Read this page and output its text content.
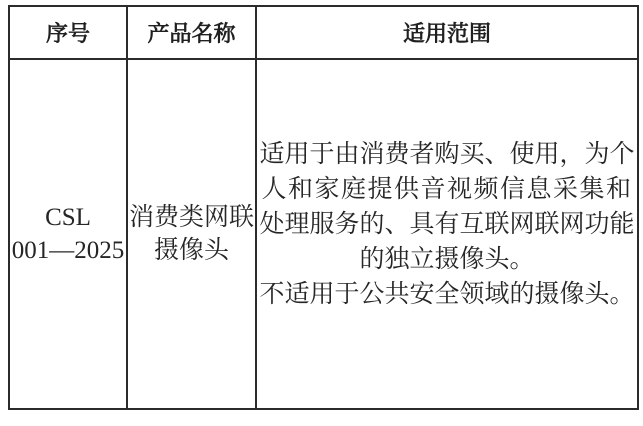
序号	产品名称	适用范围

CSL
001—2025

消费类网联
摄像头

适用于由消费者购买、使用，为个
人和家庭提供音视频信息采集和
处理服务的、具有互联网联网功能
的独立摄像头。
不适用于公共安全领域的摄像头。
